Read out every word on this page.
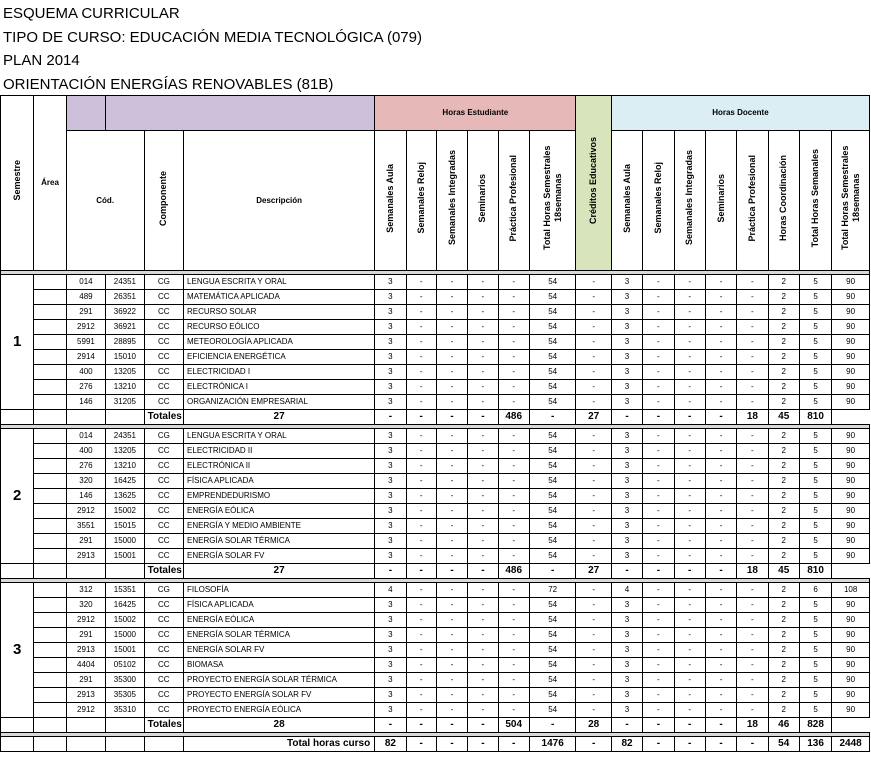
ESQUEMA CURRICULAR
TIPO DE CURSO: EDUCACIÓN MEDIA TECNOLÓGICA (079)
PLAN 2014
ORIENTACIÓN ENERGÍAS RENOVABLES (81B)
Semestre	Área					Horas Estudiante						Créditos Educativos	Horas Docente							
		Cód.		Componente	Descripción	Semanales Aula	Semanales Reloj	Semanales Integradas	Seminarios	Práctica Profesional	Total Horas Semestrales 18semanas		Semanales Aula	Semanales Reloj	Semanales Integradas	Seminarios	Práctica Profesional	Horas Coordinación	Total Horas Semanales	Total Horas Semestrales 18semanas

1		014	24351	CG	LENGUA ESCRITA Y ORAL	3	-	-	-	-	54	-	3	-	-	-	-	2	5	90
		489	26351	CC	MATEMÁTICA APLICADA	3	-	-	-	-	54	-	3	-	-	-	-	2	5	90
		291	36922	CC	RECURSO SOLAR	3	-	-	-	-	54	-	3	-	-	-	-	2	5	90
		2912	36921	CC	RECURSO EÓLICO	3	-	-	-	-	54	-	3	-	-	-	-	2	5	90
		5991	28895	CC	METEOROLOGÍA APLICADA	3	-	-	-	-	54	-	3	-	-	-	-	2	5	90
		2914	15010	CC	EFICIENCIA ENERGÉTICA	3	-	-	-	-	54	-	3	-	-	-	-	2	5	90
		400	13205	CC	ELECTRICIDAD I	3	-	-	-	-	54	-	3	-	-	-	-	2	5	90
		276	13210	CC	ELECTRÓNICA I	3	-	-	-	-	54	-	3	-	-	-	-	2	5	90
		146	31205	CC	ORGANIZACIÓN EMPRESARIAL	3	-	-	-	-	54	-	3	-	-	-	-	2	5	90
				Totales	27	-	-	-	-	486	-	27	-	-	-	-	18	45	810	

2		014	24351	CG	LENGUA ESCRITA Y ORAL	3	-	-	-	-	54	-	3	-	-	-	-	2	5	90
		400	13205	CC	ELECTRICIDAD II	3	-	-	-	-	54	-	3	-	-	-	-	2	5	90
		276	13210	CC	ELECTRÓNICA II	3	-	-	-	-	54	-	3	-	-	-	-	2	5	90
		320	16425	CC	FÍSICA APLICADA	3	-	-	-	-	54	-	3	-	-	-	-	2	5	90
		146	13625	CC	EMPRENDEDURISMO	3	-	-	-	-	54	-	3	-	-	-	-	2	5	90
		2912	15002	CC	ENERGÍA EÓLICA	3	-	-	-	-	54	-	3	-	-	-	-	2	5	90
		3551	15015	CC	ENERGÍA Y MEDIO AMBIENTE	3	-	-	-	-	54	-	3	-	-	-	-	2	5	90
		291	15000	CC	ENERGÍA SOLAR TÉRMICA	3	-	-	-	-	54	-	3	-	-	-	-	2	5	90
		2913	15001	CC	ENERGÍA SOLAR FV	3	-	-	-	-	54	-	3	-	-	-	-	2	5	90
				Totales	27	-	-	-	-	486	-	27	-	-	-	-	18	45	810	

3		312	15351	CG	FILOSOFÍA	4	-	-	-	-	72	-	4	-	-	-	-	2	6	108
		320	16425	CC	FÍSICA APLICADA	3	-	-	-	-	54	-	3	-	-	-	-	2	5	90
		2912	15002	CC	ENERGÍA EÓLICA	3	-	-	-	-	54	-	3	-	-	-	-	2	5	90
		291	15000	CC	ENERGÍA SOLAR TÉRMICA	3	-	-	-	-	54	-	3	-	-	-	-	2	5	90
		2913	15001	CC	ENERGÍA SOLAR FV	3	-	-	-	-	54	-	3	-	-	-	-	2	5	90
		4404	05102	CC	BIOMASA	3	-	-	-	-	54	-	3	-	-	-	-	2	5	90
		291	35300	CC	PROYECTO ENERGÍA SOLAR TÉRMICA	3	-	-	-	-	54	-	3	-	-	-	-	2	5	90
		2913	35305	CC	PROYECTO ENERGÍA SOLAR FV	3	-	-	-	-	54	-	3	-	-	-	-	2	5	90
		2912	35310	CC	PROYECTO ENERGÍA EÓLICA	3	-	-	-	-	54	-	3	-	-	-	-	2	5	90
				Totales	28	-	-	-	-	504	-	28	-	-	-	-	18	46	828	

					Total horas curso	82	-	-	-	-	1476	-	82	-	-	-	-	54	136	2448
